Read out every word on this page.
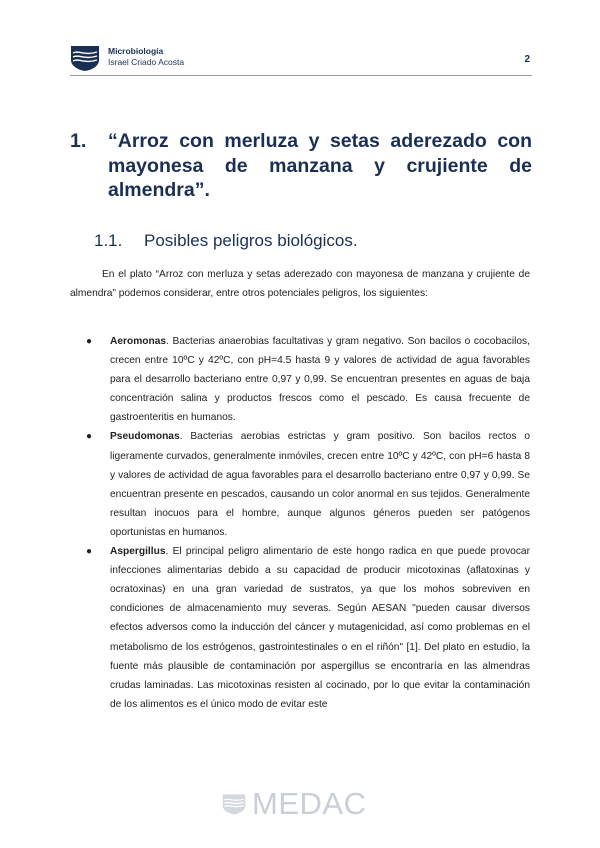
Microbiología
Israel Criado Acosta	2
1.	“Arroz con merluza y setas aderezado con mayonesa de manzana y crujiente de almendra”.
1.1. Posibles peligros biológicos.

En el plato “Arroz con merluza y setas aderezado con mayonesa de manzana y crujiente de almendra” podemos considerar, entre otros potenciales peligros, los siguientes:

● Aeromonas. Bacterias anaerobias facultativas y gram negativo. Son bacilos o cocobacilos, crecen entre 10ºC y 42ºC, con pH=4.5 hasta 9 y valores de actividad de agua favorables para el desarrollo bacteriano entre 0,97 y 0,99. Se encuentran presentes en aguas de baja concentración salina y productos frescos como el pescado. Es causa frecuente de gastroenteritis en humanos.
● Pseudomonas. Bacterias aerobias estrictas y gram positivo. Son bacilos rectos o ligeramente curvados, generalmente inmóviles, crecen entre 10ºC y 42ºC, con pH=6 hasta 8 y valores de actividad de agua favorables para el desarrollo bacteriano entre 0,97 y 0,99. Se encuentran presente en pescados, causando un color anormal en sus tejidos. Generalmente resultan inocuos para el hombre, aunque algunos géneros pueden ser patógenos oportunistas en humanos.
● Aspergillus. El principal peligro alimentario de este hongo radica en que puede provocar infecciones alimentarias debido a su capacidad de producir micotoxinas (aflatoxinas y ocratoxinas) en una gran variedad de sustratos, ya que los mohos sobreviven en condiciones de almacenamiento muy severas. Según AESAN "pueden causar diversos efectos adversos como la inducción del cáncer y mutagenicidad, así como problemas en el metabolismo de los estrógenos, gastrointestinales o en el riñón" [1]. Del plato en estudio, la fuente más plausible de contaminación por aspergillus se encontraría en las almendras crudas laminadas. Las micotoxinas resisten al cocinado, por lo que evitar la contaminación de los alimentos es el único modo de evitar este
MEDAC
